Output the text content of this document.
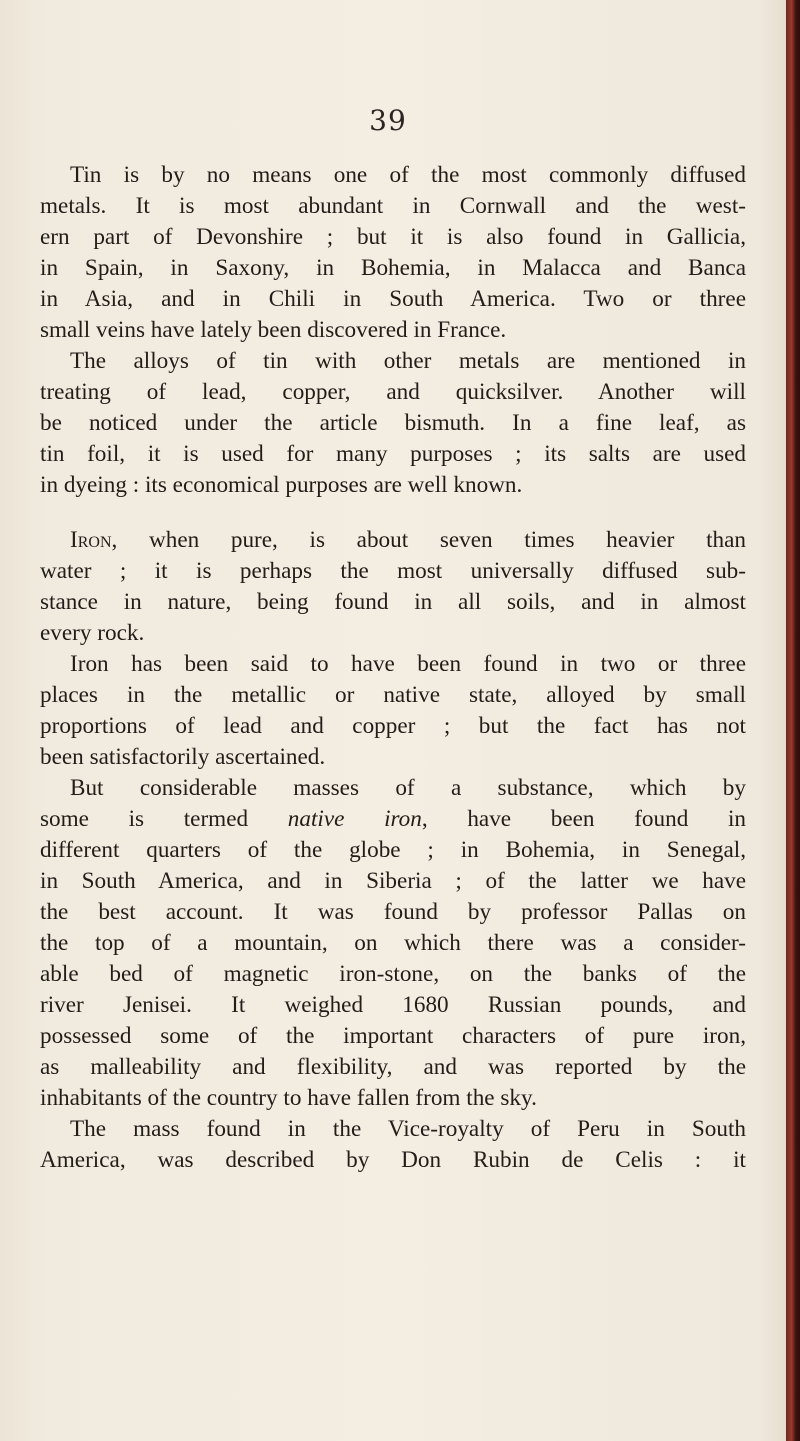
39
Tin is by no means one of the most commonly diffused
metals. It is most abundant in Cornwall and the west-
ern part of Devonshire ; but it is also found in Gallicia,
in Spain, in Saxony, in Bohemia, in Malacca and Banca
in Asia, and in Chili in South America. Two or three
small veins have lately been discovered in France.
The alloys of tin with other metals are mentioned in
treating of lead, copper, and quicksilver. Another will
be noticed under the article bismuth. In a fine leaf, as
tin foil, it is used for many purposes ; its salts are used
in dyeing : its economical purposes are well known.
Iron, when pure, is about seven times heavier than
water ; it is perhaps the most universally diffused sub-
stance in nature, being found in all soils, and in almost
every rock.
Iron has been said to have been found in two or three
places in the metallic or native state, alloyed by small
proportions of lead and copper ; but the fact has not
been satisfactorily ascertained.
But considerable masses of a substance, which by
some is termed native iron, have been found in
different quarters of the globe ; in Bohemia, in Senegal,
in South America, and in Siberia ; of the latter we have
the best account. It was found by professor Pallas on
the top of a mountain, on which there was a consider-
able bed of magnetic iron-stone, on the banks of the
river Jenisei. It weighed 1680 Russian pounds, and
possessed some of the important characters of pure iron,
as malleability and flexibility, and was reported by the
inhabitants of the country to have fallen from the sky.
The mass found in the Vice-royalty of Peru in South
America, was described by Don Rubin de Celis : it
